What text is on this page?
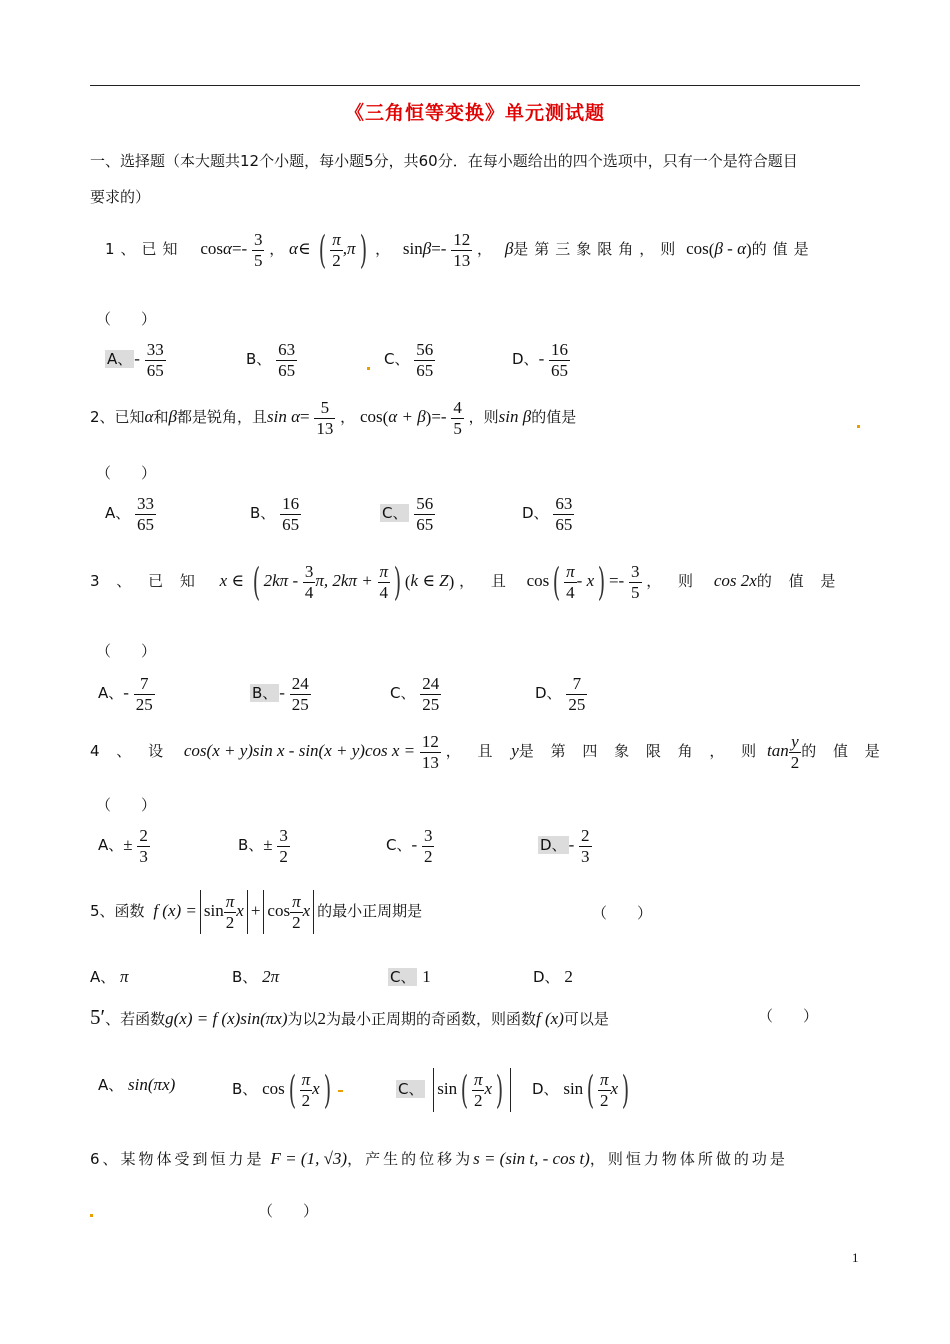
《三角恒等变换》单元测试题
一、选择题（本大题共12个小题，每小题5分，共60分．在每小题给出的四个选项中，只有一个是符合题目
要求的）
1、已知 $\cos\alpha=- \frac{3}{5}$ ， α∈ ( $\frac{\pi}{2} ,\pi$) ， $\sin\beta=- \frac{12}{13}$ ， β是第三象限角，则 cos(β - α)的值是
（　　）
A、 - $\frac{33}{65}$	B、 $\frac{63}{65}$	C、 $\frac{56}{65}$	D、- $\frac{16}{65}$
2、已知α和β都是锐角，且$\sin \alpha= \frac{5}{13}$ ， $\cos(\alpha + \beta)=- \frac{4}{5}$ ，则sin β的值是
（　　）
A、 $\frac{33}{65}$	B、 $\frac{16}{65}$	C、 $\frac{56}{65}$	D、 $\frac{63}{65}$
3 、 已 知 x ∈ ( $2k\pi - \frac{3}{4} \pi$, $2k\pi + \frac{\pi}{4}$ ) (k ∈ Z) ， 且 $\cos( \frac{\pi}{4} - x) =- \frac{3}{5}$ ， 则 cos 2x的 值 是
（　　）
A、- $\frac{7}{25}$	B、 - $\frac{24}{25}$	C、 $\frac{24}{25}$	D、 $\frac{7}{25}$
4 、 设 cos(x + y)sin x - sin(x + y)cos $x = \frac{12}{13}$ ， 且 y是 第 四 象 限 角 ， 则 $\tan \frac{y}{2}$ 的 值 是
（　　）
A、± $\frac{2}{3}$	B、± $\frac{3}{2}$	C、- $\frac{3}{2}$	D、 - $\frac{2}{3}$
5、函数 f $(x) = \sin \frac{\pi}{2}$ $x + \cos \frac{\pi}{2}$ x 的最小正周期是	（　　）
A、 π	B、 2π	C、 1	D、 2
5′、若函数g(x) = f (x)sin(πx)为以2为最小正周期的奇函数，则函数f (x)可以是	（　　）
A、 sin(πx)	B、 $\cos( \frac{\pi}{2} x)$	C、 $\sin( \frac{\pi}{2} x)$	D、 $\sin( \frac{\pi}{2} x)$
6、某物体受到恒力是 F = (1, √3)，产生的位移为s = (sin t, - cos t)，则恒力物体所做的功是
（　　）
1
